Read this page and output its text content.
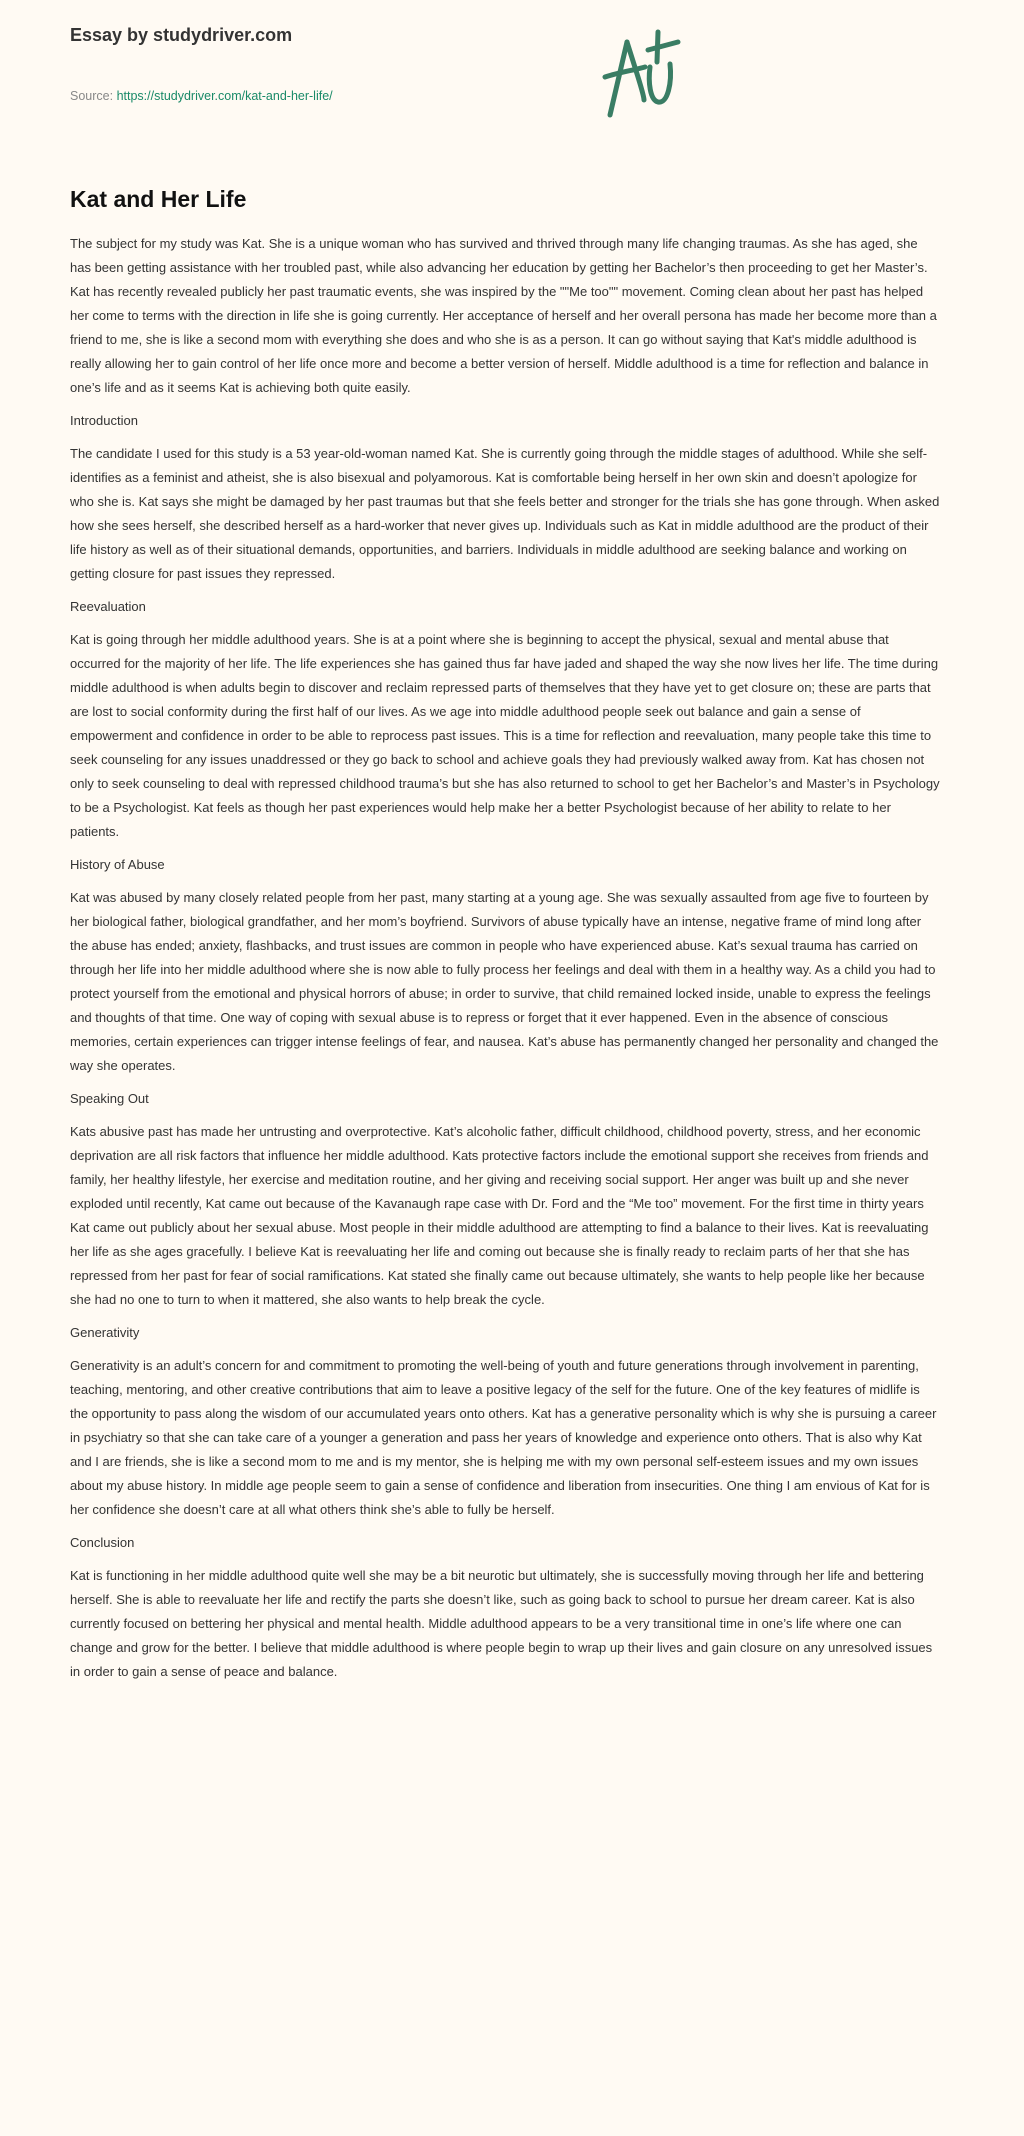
Essay by studydriver.com
Source: https://studydriver.com/kat-and-her-life/
Kat and Her Life

The subject for my study was Kat. She is a unique woman who has survived and thrived through many life changing traumas. As she has aged, she has been getting assistance with her troubled past, while also advancing her education by getting her Bachelor’s then proceeding to get her Master’s. Kat has recently revealed publicly her past traumatic events, she was inspired by the ""Me too"" movement. Coming clean about her past has helped her come to terms with the direction in life she is going currently. Her acceptance of herself and her overall persona has made her become more than a friend to me, she is like a second mom with everything she does and who she is as a person. It can go without saying that Kat's middle adulthood is really allowing her to gain control of her life once more and become a better version of herself. Middle adulthood is a time for reflection and balance in one’s life and as it seems Kat is achieving both quite easily.

Introduction

The candidate I used for this study is a 53 year-old-woman named Kat. She is currently going through the middle stages of adulthood. While she self-identifies as a feminist and atheist, she is also bisexual and polyamorous. Kat is comfortable being herself in her own skin and doesn’t apologize for who she is. Kat says she might be damaged by her past traumas but that she feels better and stronger for the trials she has gone through. When asked how she sees herself, she described herself as a hard-worker that never gives up. Individuals such as Kat in middle adulthood are the product of their life history as well as of their situational demands, opportunities, and barriers. Individuals in middle adulthood are seeking balance and working on getting closure for past issues they repressed.

Reevaluation

Kat is going through her middle adulthood years. She is at a point where she is beginning to accept the physical, sexual and mental abuse that occurred for the majority of her life. The life experiences she has gained thus far have jaded and shaped the way she now lives her life. The time during middle adulthood is when adults begin to discover and reclaim repressed parts of themselves that they have yet to get closure on; these are parts that are lost to social conformity during the first half of our lives. As we age into middle adulthood people seek out balance and gain a sense of empowerment and confidence in order to be able to reprocess past issues. This is a time for reflection and reevaluation, many people take this time to seek counseling for any issues unaddressed or they go back to school and achieve goals they had previously walked away from. Kat has chosen not only to seek counseling to deal with repressed childhood trauma’s but she has also returned to school to get her Bachelor’s and Master’s in Psychology to be a Psychologist. Kat feels as though her past experiences would help make her a better Psychologist because of her ability to relate to her patients.

History of Abuse

Kat was abused by many closely related people from her past, many starting at a young age. She was sexually assaulted from age five to fourteen by her biological father, biological grandfather, and her mom’s boyfriend. Survivors of abuse typically have an intense, negative frame of mind long after the abuse has ended; anxiety, flashbacks, and trust issues are common in people who have experienced abuse. Kat’s sexual trauma has carried on through her life into her middle adulthood where she is now able to fully process her feelings and deal with them in a healthy way. As a child you had to protect yourself from the emotional and physical horrors of abuse; in order to survive, that child remained locked inside, unable to express the feelings and thoughts of that time. One way of coping with sexual abuse is to repress or forget that it ever happened. Even in the absence of conscious memories, certain experiences can trigger intense feelings of fear, and nausea. Kat’s abuse has permanently changed her personality and changed the way she operates.

Speaking Out

Kats abusive past has made her untrusting and overprotective. Kat’s alcoholic father, difficult childhood, childhood poverty, stress, and her economic deprivation are all risk factors that influence her middle adulthood. Kats protective factors include the emotional support she receives from friends and family, her healthy lifestyle, her exercise and meditation routine, and her giving and receiving social support. Her anger was built up and she never exploded until recently, Kat came out because of the Kavanaugh rape case with Dr. Ford and the “Me too” movement. For the first time in thirty years Kat came out publicly about her sexual abuse. Most people in their middle adulthood are attempting to find a balance to their lives. Kat is reevaluating her life as she ages gracefully. I believe Kat is reevaluating her life and coming out because she is finally ready to reclaim parts of her that she has repressed from her past for fear of social ramifications. Kat stated she finally came out because ultimately, she wants to help people like her because she had no one to turn to when it mattered, she also wants to help break the cycle.

Generativity

Generativity is an adult’s concern for and commitment to promoting the well-being of youth and future generations through involvement in parenting, teaching, mentoring, and other creative contributions that aim to leave a positive legacy of the self for the future. One of the key features of midlife is the opportunity to pass along the wisdom of our accumulated years onto others. Kat has a generative personality which is why she is pursuing a career in psychiatry so that she can take care of a younger a generation and pass her years of knowledge and experience onto others. That is also why Kat and I are friends, she is like a second mom to me and is my mentor, she is helping me with my own personal self-esteem issues and my own issues about my abuse history. In middle age people seem to gain a sense of confidence and liberation from insecurities. One thing I am envious of Kat for is her confidence she doesn’t care at all what others think she’s able to fully be herself.

Conclusion

Kat is functioning in her middle adulthood quite well she may be a bit neurotic but ultimately, she is successfully moving through her life and bettering herself. She is able to reevaluate her life and rectify the parts she doesn’t like, such as going back to school to pursue her dream career. Kat is also currently focused on bettering her physical and mental health. Middle adulthood appears to be a very transitional time in one’s life where one can change and grow for the better. I believe that middle adulthood is where people begin to wrap up their lives and gain closure on any unresolved issues in order to gain a sense of peace and balance.
